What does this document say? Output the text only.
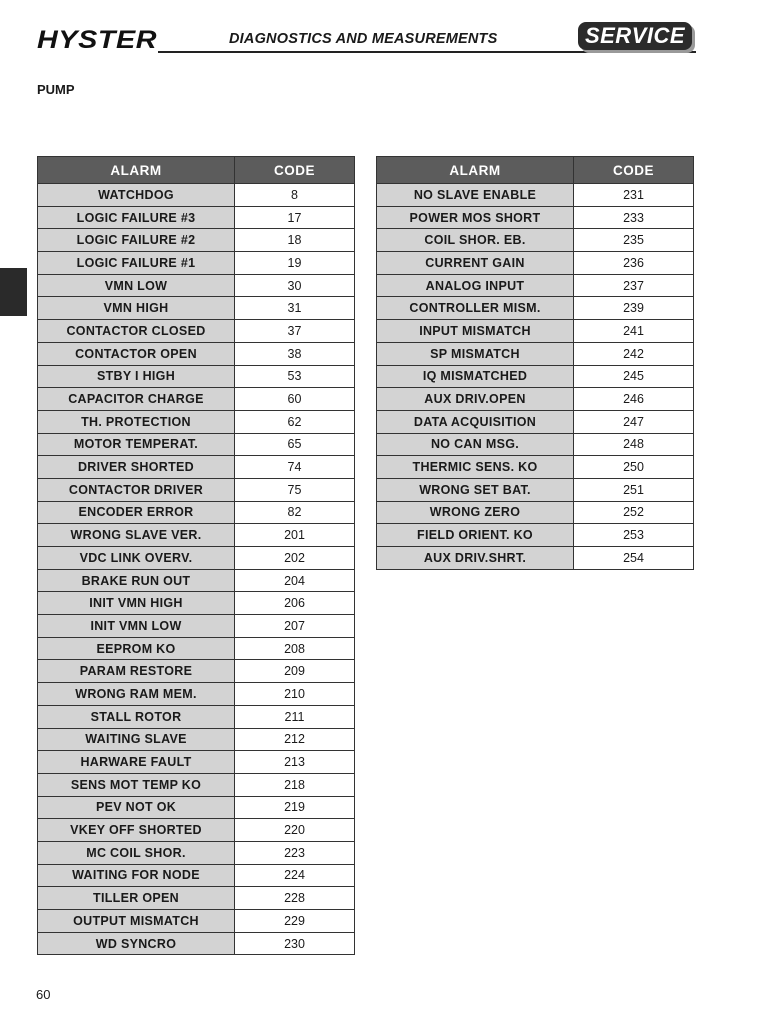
HYSTER	DIAGNOSTICS AND MEASUREMENTS	SERVICE
PUMP
ALARM	CODE
WATCHDOG	8
LOGIC FAILURE #3	17
LOGIC FAILURE #2	18
LOGIC FAILURE #1	19
VMN LOW	30
VMN HIGH	31
CONTACTOR CLOSED	37
CONTACTOR OPEN	38
STBY I HIGH	53
CAPACITOR CHARGE	60
TH. PROTECTION	62
MOTOR TEMPERAT.	65
DRIVER SHORTED	74
CONTACTOR DRIVER	75
ENCODER ERROR	82
WRONG SLAVE VER.	201
VDC LINK OVERV.	202
BRAKE RUN OUT	204
INIT VMN HIGH	206
INIT VMN LOW	207
EEPROM KO	208
PARAM RESTORE	209
WRONG RAM MEM.	210
STALL ROTOR	211
WAITING SLAVE	212
HARWARE FAULT	213
SENS MOT TEMP KO	218
PEV NOT OK	219
VKEY OFF SHORTED	220
MC COIL SHOR.	223
WAITING FOR NODE	224
TILLER OPEN	228
OUTPUT MISMATCH	229
WD SYNCRO	230
ALARM	CODE
NO SLAVE ENABLE	231
POWER MOS SHORT	233
COIL SHOR. EB.	235
CURRENT GAIN	236
ANALOG INPUT	237
CONTROLLER MISM.	239
INPUT MISMATCH	241
SP MISMATCH	242
IQ MISMATCHED	245
AUX DRIV.OPEN	246
DATA ACQUISITION	247
NO CAN MSG.	248
THERMIC SENS. KO	250
WRONG SET BAT.	251
WRONG ZERO	252
FIELD ORIENT. KO	253
AUX DRIV.SHRT.	254
60
